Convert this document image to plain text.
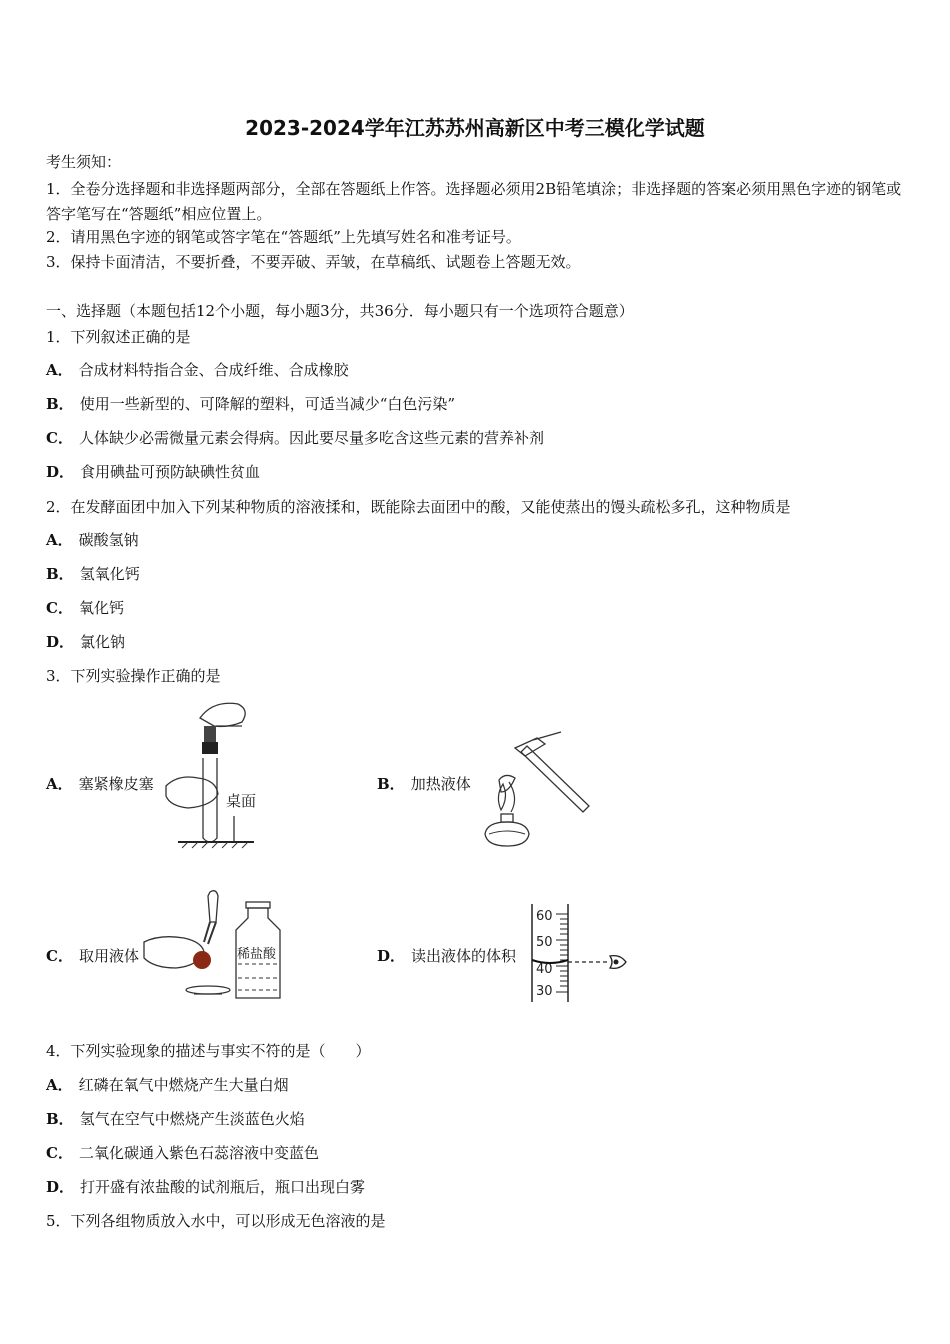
2023-2024学年江苏苏州高新区中考三模化学试题
考生须知：
1．全卷分选择题和非选择题两部分，全部在答题纸上作答。选择题必须用2B铅笔填涂；非选择题的答案必须用黑色字迹的钢笔或答字笔写在“答题纸”相应位置上。
2．请用黑色字迹的钢笔或答字笔在“答题纸”上先填写姓名和准考证号。
3．保持卡面清洁，不要折叠，不要弄破、弄皱，在草稿纸、试题卷上答题无效。
一、选择题（本题包括12个小题，每小题3分，共36分．每小题只有一个选项符合题意）
1．下列叙述正确的是
A． 合成材料特指合金、合成纤维、合成橡胶
B． 使用一些新型的、可降解的塑料，可适当减少“白色污染”
C． 人体缺少必需微量元素会得病。因此要尽量多吃含这些元素的营养补剂
D． 食用碘盐可预防缺碘性贫血
2．在发酵面团中加入下列某种物质的溶液揉和，既能除去面团中的酸，又能使蒸出的馒头疏松多孔，这种物质是
A． 碳酸氢钠
B． 氢氧化钙
C． 氧化钙
D． 氯化钠
3．下列实验操作正确的是
A． 塞紧橡皮塞
桌面
B． 加热液体
C． 取用液体	稀盐酸	D． 读出液体的体积
60
50
40
30
4．下列实验现象的描述与事实不符的是（　　）
A． 红磷在氧气中燃烧产生大量白烟
B． 氢气在空气中燃烧产生淡蓝色火焰
C． 二氧化碳通入紫色石蕊溶液中变蓝色
D． 打开盛有浓盐酸的试剂瓶后，瓶口出现白雾
5．下列各组物质放入水中，可以形成无色溶液的是
